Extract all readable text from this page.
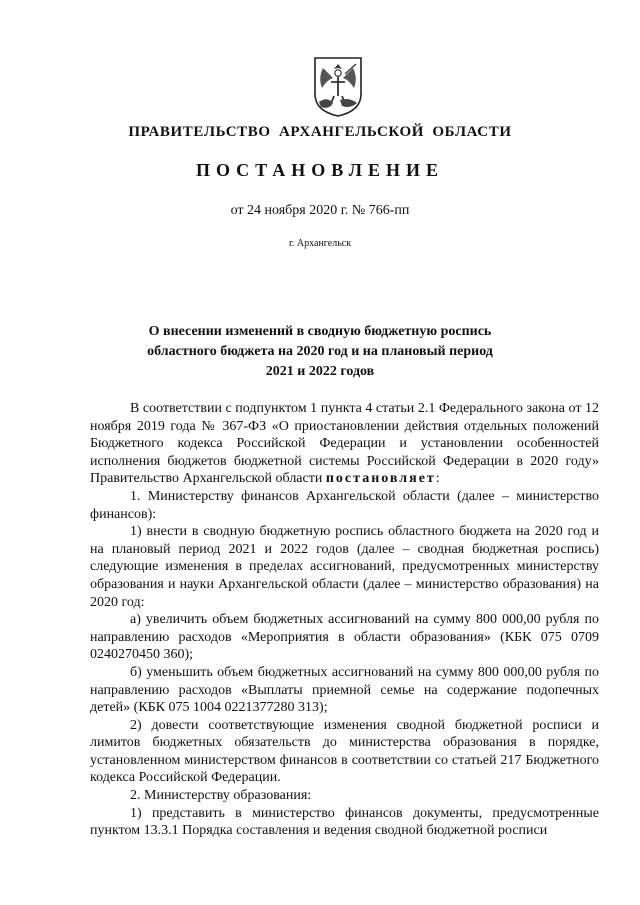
ПРАВИТЕЛЬСТВО АРХАНГЕЛЬСКОЙ ОБЛАСТИ
ПОСТАНОВЛЕНИЕ
от 24 ноября 2020 г. № 766-пп
г. Архангельск
О внесении изменений в сводную бюджетную роспись
областного бюджета на 2020 год и на плановый период
2021 и 2022 годов

В соответствии с подпунктом 1 пункта 4 статьи 2.1 Федерального закона от 12 ноября 2019 года № 367-ФЗ «О приостановлении действия отдельных положений Бюджетного кодекса Российской Федерации и установлении особенностей исполнения бюджетов бюджетной системы Российской Федерации в 2020 году» Правительство Архангельской области постановляет:

1. Министерству финансов Архангельской области (далее – министерство финансов):

1) внести в сводную бюджетную роспись областного бюджета на 2020 год и на плановый период 2021 и 2022 годов (далее – сводная бюджетная роспись) следующие изменения в пределах ассигнований, предусмотренных министерству образования и науки Архангельской области (далее – министерство образования) на 2020 год:

а) увеличить объем бюджетных ассигнований на сумму 800 000,00 рубля по направлению расходов «Мероприятия в области образования» (КБК 075 0709 0240270450 360);

б) уменьшить объем бюджетных ассигнований на сумму 800 000,00 рубля по направлению расходов «Выплаты приемной семье на содержание подопечных детей» (КБК 075 1004 0221377280 313);

2) довести соответствующие изменения сводной бюджетной росписи и лимитов бюджетных обязательств до министерства образования в порядке, установленном министерством финансов в соответствии со статьей 217 Бюджетного кодекса Российской Федерации.

2. Министерству образования:

1) представить в министерство финансов документы, предусмотренные пунктом 13.3.1 Порядка составления и ведения сводной бюджетной росписи
